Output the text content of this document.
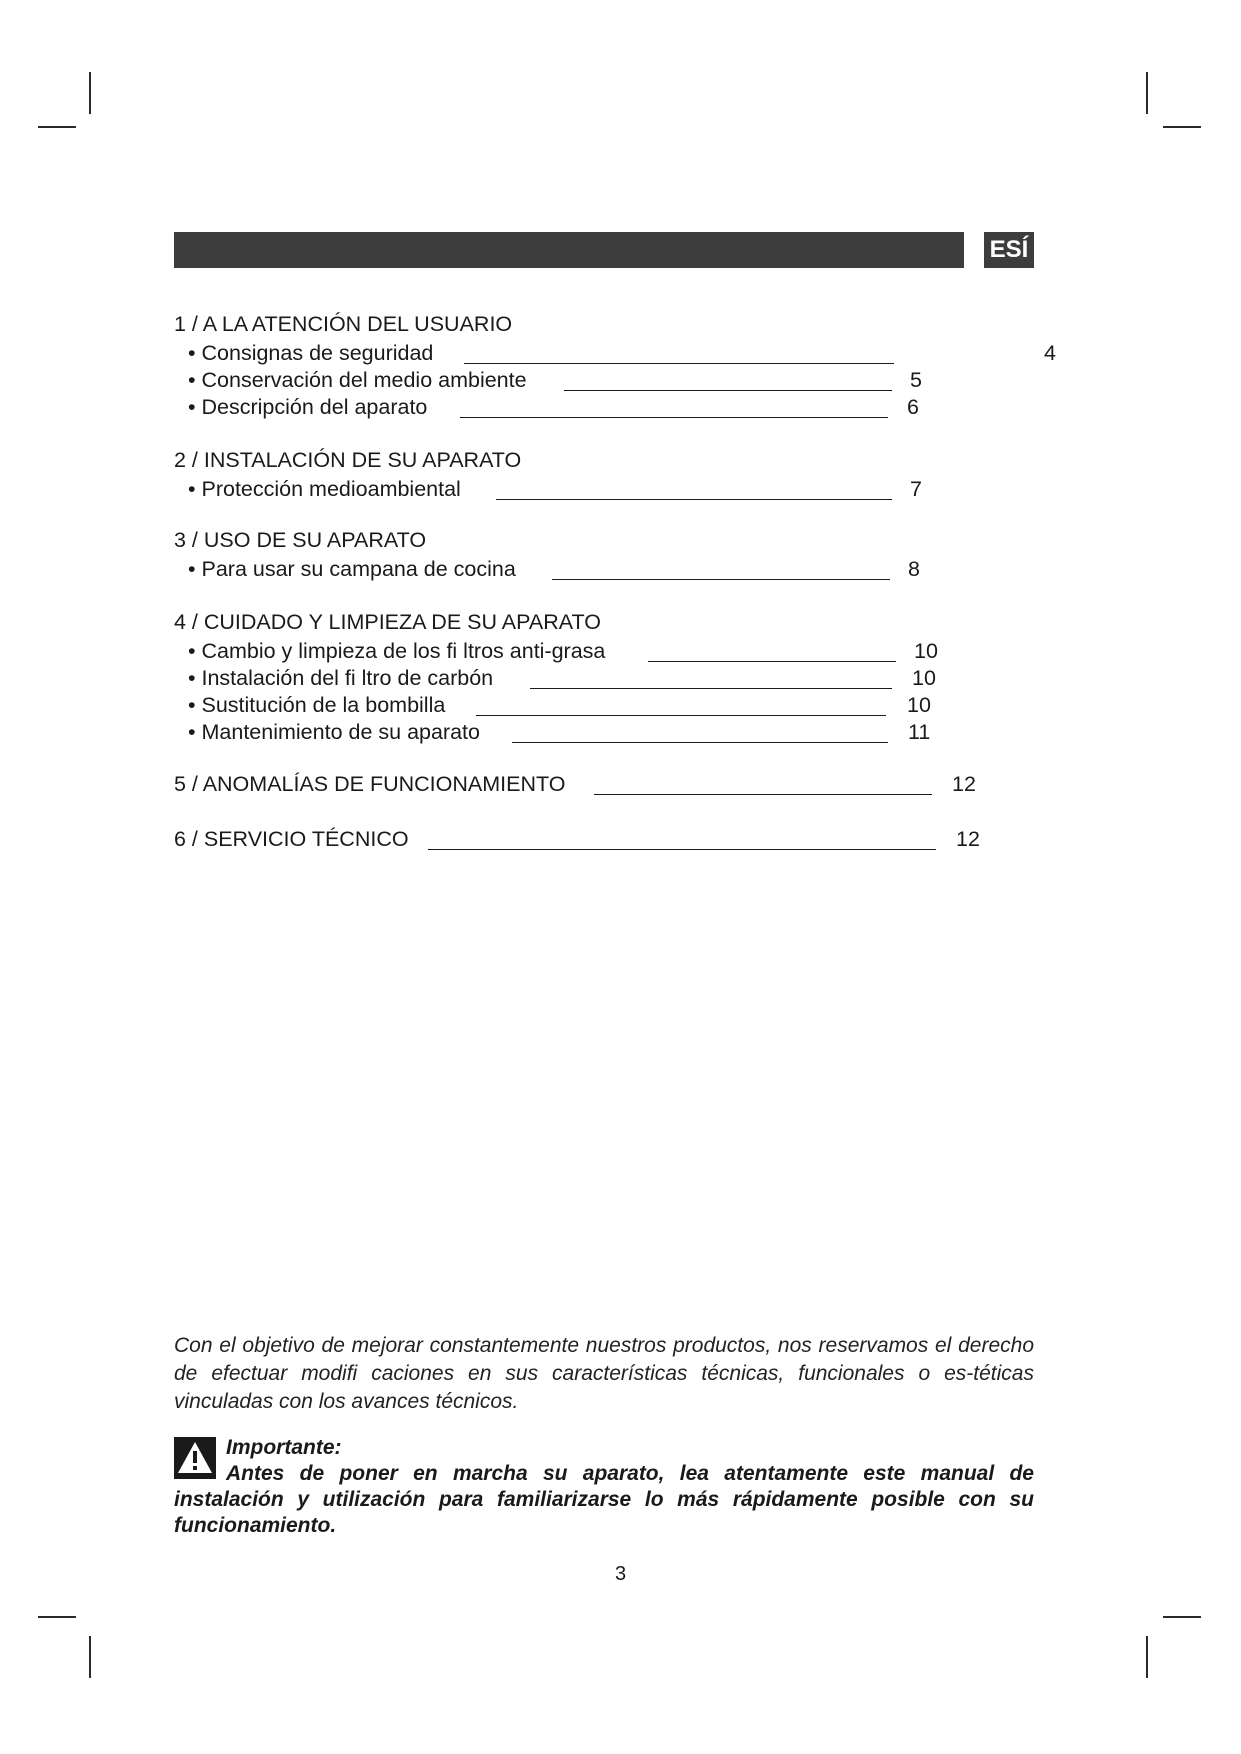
ESÍ
1 / A LA ATENCIÓN DEL USUARIO
• Consignas de seguridad	4
• Conservación del medio ambiente	5
• Descripción del aparato	6
2 / INSTALACIÓN DE SU APARATO
• Protección medioambiental	7
3 / USO DE SU APARATO
• Para usar su campana de cocina	8
4 / CUIDADO Y LIMPIEZA DE SU APARATO
• Cambio y limpieza de los fi ltros anti-grasa	10
• Instalación del fi ltro de carbón	10
• Sustitución de la bombilla	10
• Mantenimiento de su aparato	11
5 / ANOMALÍAS DE FUNCIONAMIENTO	12
6 / SERVICIO TÉCNICO	12
Con el objetivo de mejorar constantemente nuestros productos, nos reservamos el derecho de efectuar modifi caciones en sus características técnicas, funcionales o es-téticas vinculadas con los avances técnicos.
Importante:
Antes de poner en marcha su aparato, lea atentamente este manual de instalación y utilización para familiarizarse lo más rápidamente posible con su funcionamiento.
3
